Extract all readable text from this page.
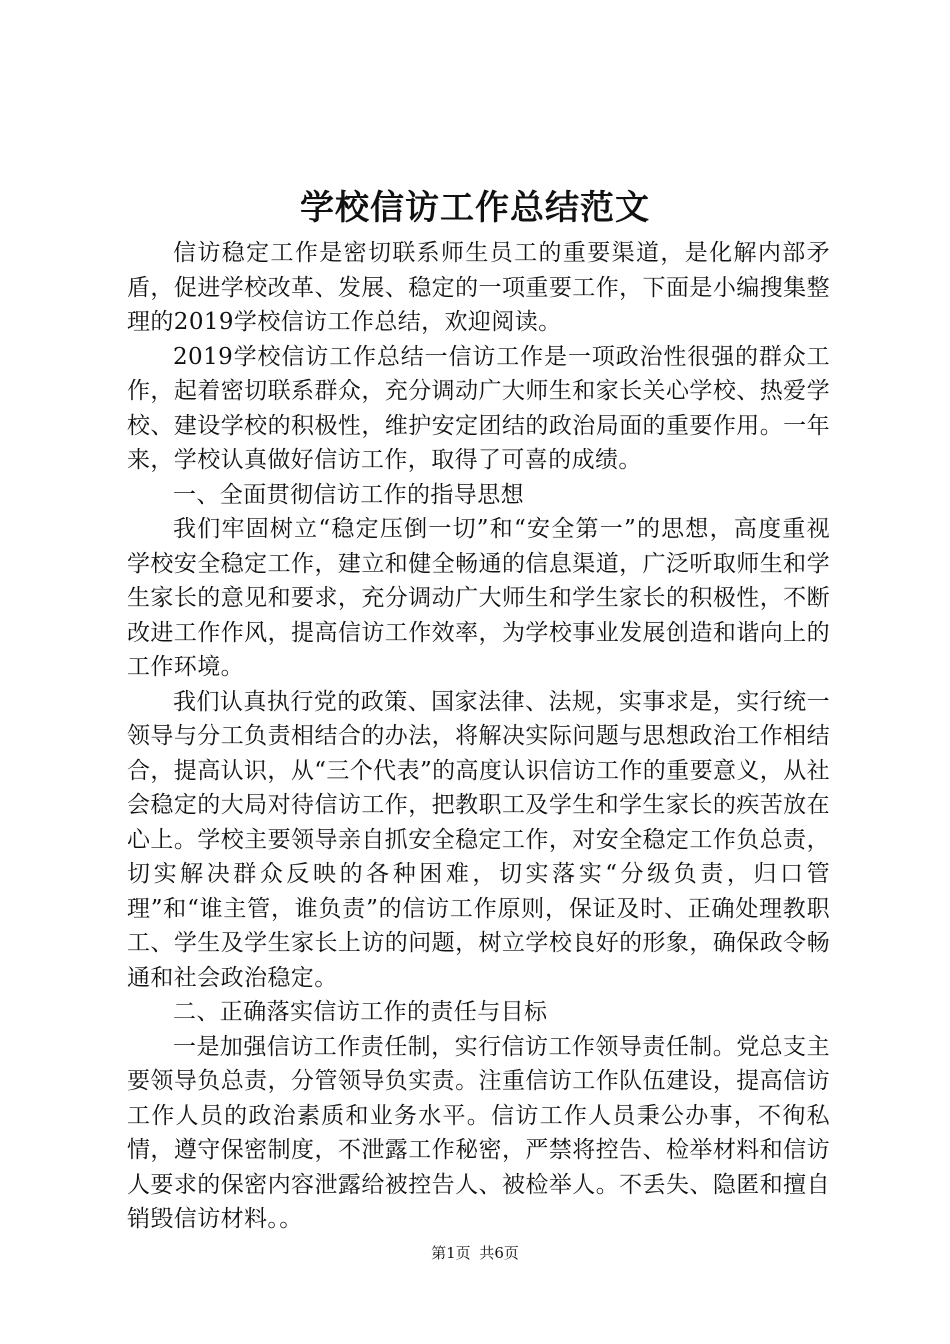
学校信访工作总结范文

信访稳定工作是密切联系师生员工的重要渠道，是化解内部矛盾，促进学校改革、发展、稳定的一项重要工作，下面是小编搜集整理的2019学校信访工作总结，欢迎阅读。

2019学校信访工作总结一信访工作是一项政治性很强的群众工作，起着密切联系群众，充分调动广大师生和家长关心学校、热爱学校、建设学校的积极性，维护安定团结的政治局面的重要作用。一年来，学校认真做好信访工作，取得了可喜的成绩。

一、全面贯彻信访工作的指导思想

我们牢固树立“稳定压倒一切”和“安全第一”的思想，高度重视学校安全稳定工作，建立和健全畅通的信息渠道，广泛听取师生和学生家长的意见和要求，充分调动广大师生和学生家长的积极性，不断改进工作作风，提高信访工作效率，为学校事业发展创造和谐向上的工作环境。

我们认真执行党的政策、国家法律、法规，实事求是，实行统一领导与分工负责相结合的办法，将解决实际问题与思想政治工作相结合，提高认识，从“三个代表”的高度认识信访工作的重要意义，从社会稳定的大局对待信访工作，把教职工及学生和学生家长的疾苦放在心上。学校主要领导亲自抓安全稳定工作，对安全稳定工作负总责，切实解决群众反映的各种困难，切实落实“分级负责，归口管理”和“谁主管，谁负责”的信访工作原则，保证及时、正确处理教职工、学生及学生家长上访的问题，树立学校良好的形象，确保政令畅通和社会政治稳定。

二、正确落实信访工作的责任与目标

一是加强信访工作责任制，实行信访工作领导责任制。党总支主要领导负总责，分管领导负实责。注重信访工作队伍建设，提高信访工作人员的政治素质和业务水平。信访工作人员秉公办事，不徇私情，遵守保密制度，不泄露工作秘密，严禁将控告、检举材料和信访人要求的保密内容泄露给被控告人、被检举人。不丢失、隐匿和擅自销毁信访材料。。

第1页 共6页
